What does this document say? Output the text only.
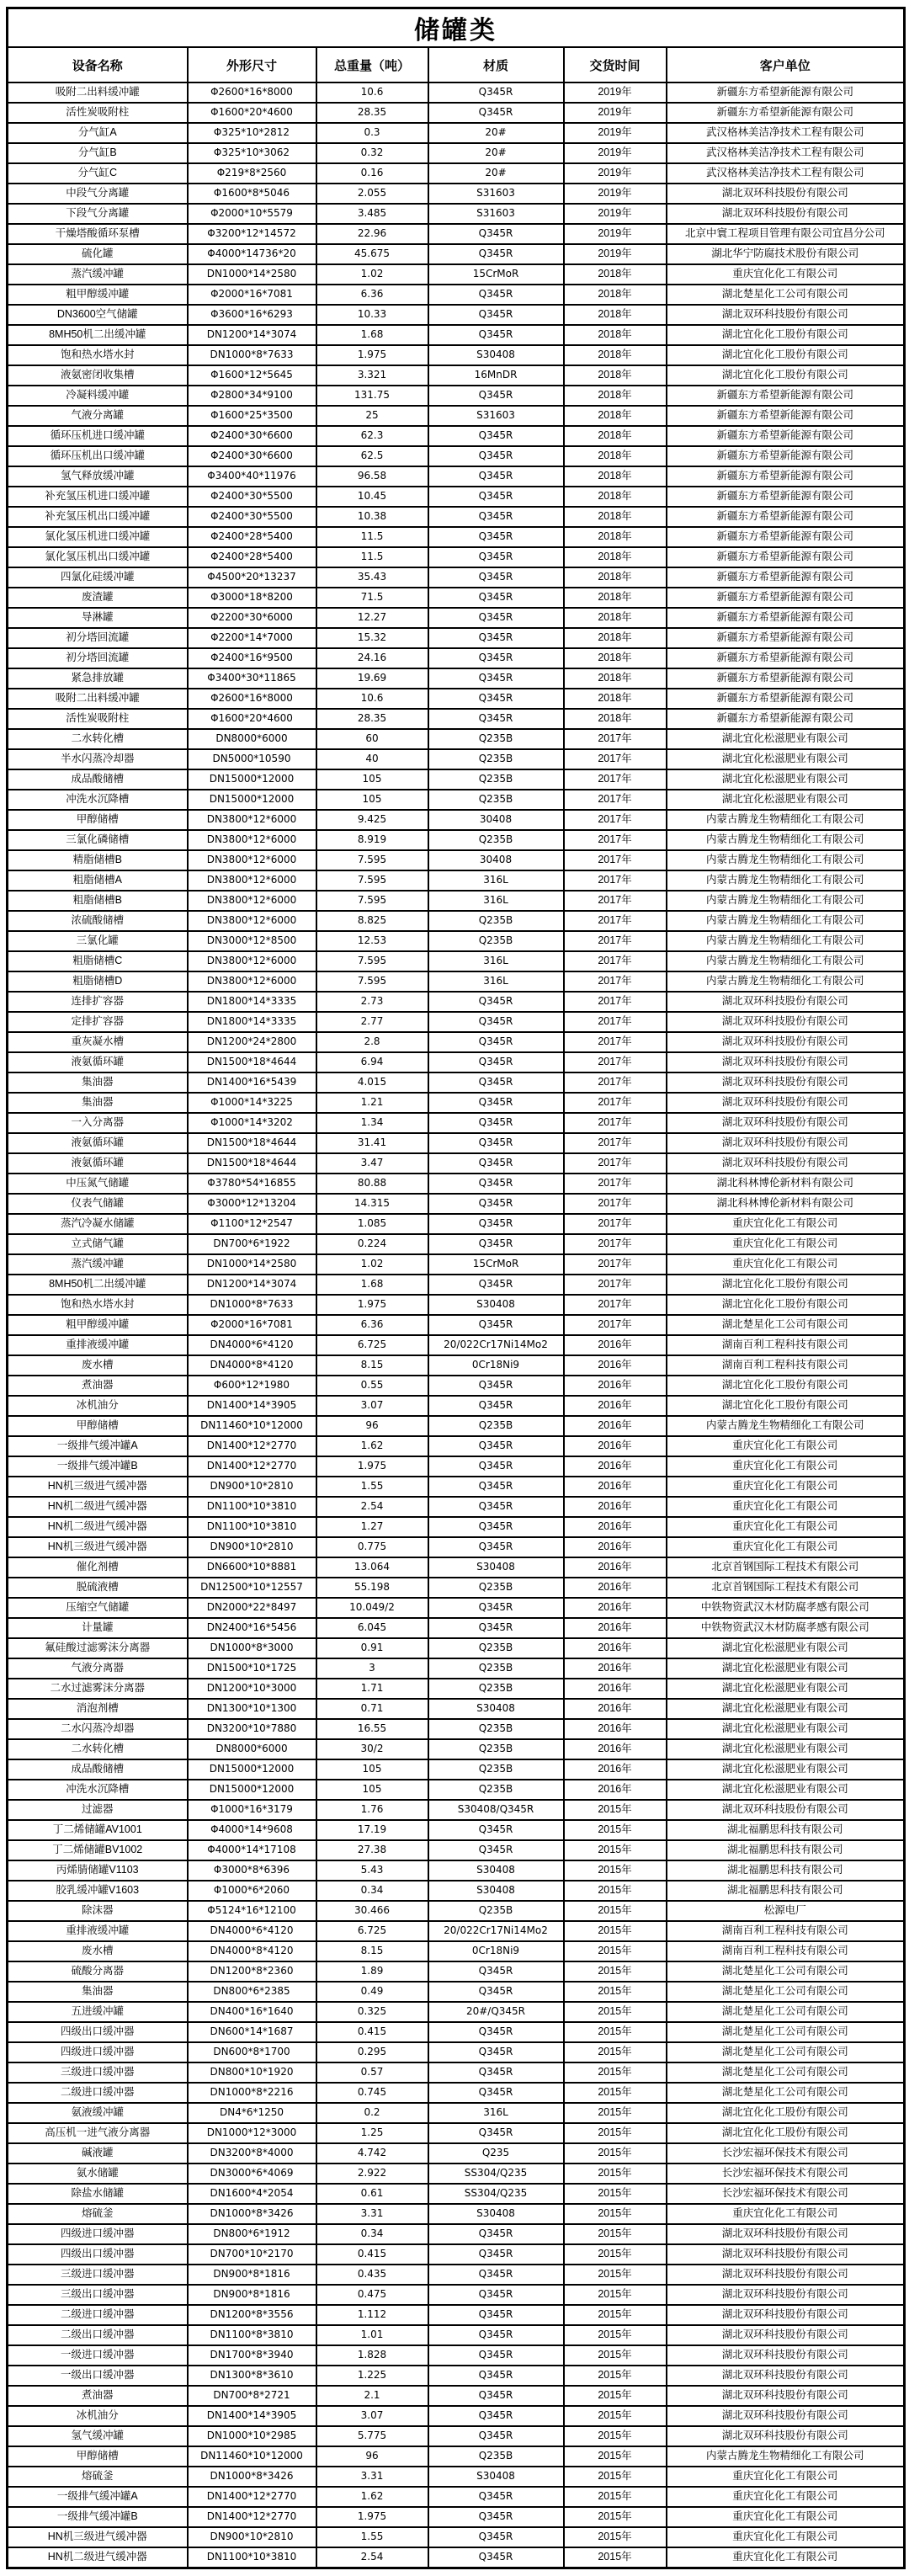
储罐类					
设备名称	外形尺寸	总重量（吨）	材质	交货时间	客户单位
吸附二出料缓冲罐	Φ2600*16*8000	10.6	Q345R	2019年	新疆东方希望新能源有限公司
活性炭吸附柱	Φ1600*20*4600	28.35	Q345R	2019年	新疆东方希望新能源有限公司
分气缸A	Φ325*10*2812	0.3	20#	2019年	武汉格林美洁净技术工程有限公司
分气缸B	Φ325*10*3062	0.32	20#	2019年	武汉格林美洁净技术工程有限公司
分气缸C	Φ219*8*2560	0.16	20#	2019年	武汉格林美洁净技术工程有限公司
中段气分离罐	Φ1600*8*5046	2.055	S31603	2019年	湖北双环科技股份有限公司
下段气分离罐	Φ2000*10*5579	3.485	S31603	2019年	湖北双环科技股份有限公司
干燥塔酸循环泵槽	Φ3200*12*14572	22.96	Q345R	2019年	北京中寰工程项目管理有限公司宜昌分公司
硫化罐	Φ4000*14736*20	45.675	Q345R	2019年	湖北华宁防腐技术股份有限公司
蒸汽缓冲罐	DN1000*14*2580	1.02	15CrMoR	2018年	重庆宜化化工有限公司
粗甲醇缓冲罐	Φ2000*16*7081	6.36	Q345R	2018年	湖北楚星化工公司有限公司
DN3600空气储罐	Φ3600*16*6293	10.33	Q345R	2018年	湖北双环科技股份有限公司
8MH50机二出缓冲罐	DN1200*14*3074	1.68	Q345R	2018年	湖北宜化化工股份有限公司
饱和热水塔水封	DN1000*8*7633	1.975	S30408	2018年	湖北宜化化工股份有限公司
液氨密闭收集槽	Φ1600*12*5645	3.321	16MnDR	2018年	湖北宜化化工股份有限公司
冷凝料缓冲罐	Φ2800*34*9100	131.75	Q345R	2018年	新疆东方希望新能源有限公司
气液分离罐	Φ1600*25*3500	25	S31603	2018年	新疆东方希望新能源有限公司
循环压机进口缓冲罐	Φ2400*30*6600	62.3	Q345R	2018年	新疆东方希望新能源有限公司
循环压机出口缓冲罐	Φ2400*30*6600	62.5	Q345R	2018年	新疆东方希望新能源有限公司
氢气释放缓冲罐	Φ3400*40*11976	96.58	Q345R	2018年	新疆东方希望新能源有限公司
补充氢压机进口缓冲罐	Φ2400*30*5500	10.45	Q345R	2018年	新疆东方希望新能源有限公司
补充氢压机出口缓冲罐	Φ2400*30*5500	10.38	Q345R	2018年	新疆东方希望新能源有限公司
氯化氢压机进口缓冲罐	Φ2400*28*5400	11.5	Q345R	2018年	新疆东方希望新能源有限公司
氯化氢压机出口缓冲罐	Φ2400*28*5400	11.5	Q345R	2018年	新疆东方希望新能源有限公司
四氯化硅缓冲罐	Φ4500*20*13237	35.43	Q345R	2018年	新疆东方希望新能源有限公司
废渣罐	Φ3000*18*8200	71.5	Q345R	2018年	新疆东方希望新能源有限公司
导淋罐	Φ2200*30*6000	12.27	Q345R	2018年	新疆东方希望新能源有限公司
初分塔回流罐	Φ2200*14*7000	15.32	Q345R	2018年	新疆东方希望新能源有限公司
初分塔回流罐	Φ2400*16*9500	24.16	Q345R	2018年	新疆东方希望新能源有限公司
紧急排放罐	Φ3400*30*11865	19.69	Q345R	2018年	新疆东方希望新能源有限公司
吸附二出料缓冲罐	Φ2600*16*8000	10.6	Q345R	2018年	新疆东方希望新能源有限公司
活性炭吸附柱	Φ1600*20*4600	28.35	Q345R	2018年	新疆东方希望新能源有限公司
二水转化槽	DN8000*6000	60	Q235B	2017年	湖北宜化松滋肥业有限公司
半水闪蒸冷却器	DN5000*10590	40	Q235B	2017年	湖北宜化松滋肥业有限公司
成品酸储槽	DN15000*12000	105	Q235B	2017年	湖北宜化松滋肥业有限公司
冲洗水沉降槽	DN15000*12000	105	Q235B	2017年	湖北宜化松滋肥业有限公司
甲醇储槽	DN3800*12*6000	9.425	30408	2017年	内蒙古腾龙生物精细化工有限公司
三氯化磷储槽	DN3800*12*6000	8.919	Q235B	2017年	内蒙古腾龙生物精细化工有限公司
精脂储槽B	DN3800*12*6000	7.595	30408	2017年	内蒙古腾龙生物精细化工有限公司
粗脂储槽A	DN3800*12*6000	7.595	316L	2017年	内蒙古腾龙生物精细化工有限公司
粗脂储槽B	DN3800*12*6000	7.595	316L	2017年	内蒙古腾龙生物精细化工有限公司
浓硫酸储槽	DN3800*12*6000	8.825	Q235B	2017年	内蒙古腾龙生物精细化工有限公司
三氯化罐	DN3000*12*8500	12.53	Q235B	2017年	内蒙古腾龙生物精细化工有限公司
粗脂储槽C	DN3800*12*6000	7.595	316L	2017年	内蒙古腾龙生物精细化工有限公司
粗脂储槽D	DN3800*12*6000	7.595	316L	2017年	内蒙古腾龙生物精细化工有限公司
连排扩容器	DN1800*14*3335	2.73	Q345R	2017年	湖北双环科技股份有限公司
定排扩容器	DN1800*14*3335	2.77	Q345R	2017年	湖北双环科技股份有限公司
重灰凝水槽	DN1200*24*2800	2.8	Q345R	2017年	湖北双环科技股份有限公司
液氨循环罐	DN1500*18*4644	6.94	Q345R	2017年	湖北双环科技股份有限公司
集油器	DN1400*16*5439	4.015	Q345R	2017年	湖北双环科技股份有限公司
集油器	Φ1000*14*3225	1.21	Q345R	2017年	湖北双环科技股份有限公司
一入分离器	Φ1000*14*3202	1.34	Q345R	2017年	湖北双环科技股份有限公司
液氨循环罐	DN1500*18*4644	31.41	Q345R	2017年	湖北双环科技股份有限公司
液氨循环罐	DN1500*18*4644	3.47	Q345R	2017年	湖北双环科技股份有限公司
中压氮气储罐	Φ3780*54*16855	80.88	Q345R	2017年	湖北科林博伦新材料有限公司
仪表气储罐	Φ3000*12*13204	14.315	Q345R	2017年	湖北科林博伦新材料有限公司
蒸汽冷凝水储罐	Φ1100*12*2547	1.085	Q345R	2017年	重庆宜化化工有限公司
立式储气罐	DN700*6*1922	0.224	Q345R	2017年	重庆宜化化工有限公司
蒸汽缓冲罐	DN1000*14*2580	1.02	15CrMoR	2017年	重庆宜化化工有限公司
8MH50机二出缓冲罐	DN1200*14*3074	1.68	Q345R	2017年	湖北宜化化工股份有限公司
饱和热水塔水封	DN1000*8*7633	1.975	S30408	2017年	湖北宜化化工股份有限公司
粗甲醇缓冲罐	Φ2000*16*7081	6.36	Q345R	2017年	湖北楚星化工公司有限公司
重排液缓冲罐	DN4000*6*4120	6.725	20/022Cr17Ni14Mo2	2016年	湖南百利工程科技有限公司
废水槽	DN4000*8*4120	8.15	0Cr18Ni9	2016年	湖南百利工程科技有限公司
煮油器	Φ600*12*1980	0.55	Q345R	2016年	湖北宜化化工股份有限公司
冰机油分	DN1400*14*3905	3.07	Q345R	2016年	湖北宜化化工股份有限公司
甲醇储槽	DN11460*10*12000	96	Q235B	2016年	内蒙古腾龙生物精细化工有限公司
一级排气缓冲罐A	DN1400*12*2770	1.62	Q345R	2016年	重庆宜化化工有限公司
一级排气缓冲罐B	DN1400*12*2770	1.975	Q345R	2016年	重庆宜化化工有限公司
HN机三级进气缓冲器	DN900*10*2810	1.55	Q345R	2016年	重庆宜化化工有限公司
HN机二级进气缓冲器	DN1100*10*3810	2.54	Q345R	2016年	重庆宜化化工有限公司
HN机二级进气缓冲器	DN1100*10*3810	1.27	Q345R	2016年	重庆宜化化工有限公司
HN机三级进气缓冲器	DN900*10*2810	0.775	Q345R	2016年	重庆宜化化工有限公司
催化剂槽	DN6600*10*8881	13.064	S30408	2016年	北京首钢国际工程技术有限公司
脱硫液槽	DN12500*10*12557	55.198	Q235B	2016年	北京首钢国际工程技术有限公司
压缩空气储罐	DN2000*22*8497	10.049/2	Q345R	2016年	中铁物资武汉木材防腐孝感有限公司
计量罐	DN2400*16*5456	6.045	Q345R	2016年	中铁物资武汉木材防腐孝感有限公司
氟硅酸过滤雾沫分离器	DN1000*8*3000	0.91	Q235B	2016年	湖北宜化松滋肥业有限公司
气液分离器	DN1500*10*1725	3	Q235B	2016年	湖北宜化松滋肥业有限公司
二水过滤雾沫分离器	DN1200*10*3000	1.71	Q235B	2016年	湖北宜化松滋肥业有限公司
消泡剂槽	DN1300*10*1300	0.71	S30408	2016年	湖北宜化松滋肥业有限公司
二水闪蒸冷却器	DN3200*10*7880	16.55	Q235B	2016年	湖北宜化松滋肥业有限公司
二水转化槽	DN8000*6000	30/2	Q235B	2016年	湖北宜化松滋肥业有限公司
成品酸储槽	DN15000*12000	105	Q235B	2016年	湖北宜化松滋肥业有限公司
冲洗水沉降槽	DN15000*12000	105	Q235B	2016年	湖北宜化松滋肥业有限公司
过滤器	Φ1000*16*3179	1.76	S30408/Q345R	2015年	湖北双环科技股份有限公司
丁二烯储罐AV1001	Φ4000*14*9608	17.19	Q345R	2015年	湖北福鹏思科技有限公司
丁二烯储罐BV1002	Φ4000*14*17108	27.38	Q345R	2015年	湖北福鹏思科技有限公司
丙烯腈储罐V1103	Φ3000*8*6396	5.43	S30408	2015年	湖北福鹏思科技有限公司
胶乳缓冲罐V1603	Φ1000*6*2060	0.34	S30408	2015年	湖北福鹏思科技有限公司
除沫器	Φ5124*16*12100	30.466	Q235B	2015年	松源电厂
重排液缓冲罐	DN4000*6*4120	6.725	20/022Cr17Ni14Mo2	2015年	湖南百利工程科技有限公司
废水槽	DN4000*8*4120	8.15	0Cr18Ni9	2015年	湖南百利工程科技有限公司
硫酸分离器	DN1200*8*2360	1.89	Q345R	2015年	湖北楚星化工公司有限公司
集油器	DN800*6*2385	0.49	Q345R	2015年	湖北楚星化工公司有限公司
五进缓冲罐	DN400*16*1640	0.325	20#/Q345R	2015年	湖北楚星化工公司有限公司
四级出口缓冲器	DN600*14*1687	0.415	Q345R	2015年	湖北楚星化工公司有限公司
四级进口缓冲器	DN600*8*1700	0.295	Q345R	2015年	湖北楚星化工公司有限公司
三级进口缓冲器	DN800*10*1920	0.57	Q345R	2015年	湖北楚星化工公司有限公司
二级进口缓冲器	DN1000*8*2216	0.745	Q345R	2015年	湖北楚星化工公司有限公司
氨液缓冲罐	DN4*6*1250	0.2	316L	2015年	湖北宜化化工股份有限公司
高压机一进气液分离器	DN1000*12*3000	1.25	Q345R	2015年	湖北宜化化工股份有限公司
碱液罐	DN3200*8*4000	4.742	Q235	2015年	长沙宏福环保技术有限公司
氨水储罐	DN3000*6*4069	2.922	SS304/Q235	2015年	长沙宏福环保技术有限公司
除盐水储罐	DN1600*4*2054	0.61	SS304/Q235	2015年	长沙宏福环保技术有限公司
熔硫釜	DN1000*8*3426	3.31	S30408	2015年	重庆宜化化工有限公司
四级进口缓冲器	DN800*6*1912	0.34	Q345R	2015年	湖北双环科技股份有限公司
四级出口缓冲器	DN700*10*2170	0.415	Q345R	2015年	湖北双环科技股份有限公司
三级进口缓冲器	DN900*8*1816	0.435	Q345R	2015年	湖北双环科技股份有限公司
三级出口缓冲器	DN900*8*1816	0.475	Q345R	2015年	湖北双环科技股份有限公司
二级进口缓冲器	DN1200*8*3556	1.112	Q345R	2015年	湖北双环科技股份有限公司
二级出口缓冲器	DN1100*8*3810	1.01	Q345R	2015年	湖北双环科技股份有限公司
一级进口缓冲器	DN1700*8*3940	1.828	Q345R	2015年	湖北双环科技股份有限公司
一级出口缓冲器	DN1300*8*3610	1.225	Q345R	2015年	湖北双环科技股份有限公司
煮油器	DN700*8*2721	2.1	Q345R	2015年	湖北双环科技股份有限公司
冰机油分	DN1400*14*3905	3.07	Q345R	2015年	湖北双环科技股份有限公司
氢气缓冲罐	DN1000*10*2985	5.775	Q345R	2015年	湖北双环科技股份有限公司
甲醇储槽	DN11460*10*12000	96	Q235B	2015年	内蒙古腾龙生物精细化工有限公司
熔硫釜	DN1000*8*3426	3.31	S30408	2015年	重庆宜化化工有限公司
一级排气缓冲罐A	DN1400*12*2770	1.62	Q345R	2015年	重庆宜化化工有限公司
一级排气缓冲罐B	DN1400*12*2770	1.975	Q345R	2015年	重庆宜化化工有限公司
HN机三级进气缓冲器	DN900*10*2810	1.55	Q345R	2015年	重庆宜化化工有限公司
HN机二级进气缓冲器	DN1100*10*3810	2.54	Q345R	2015年	重庆宜化化工有限公司
